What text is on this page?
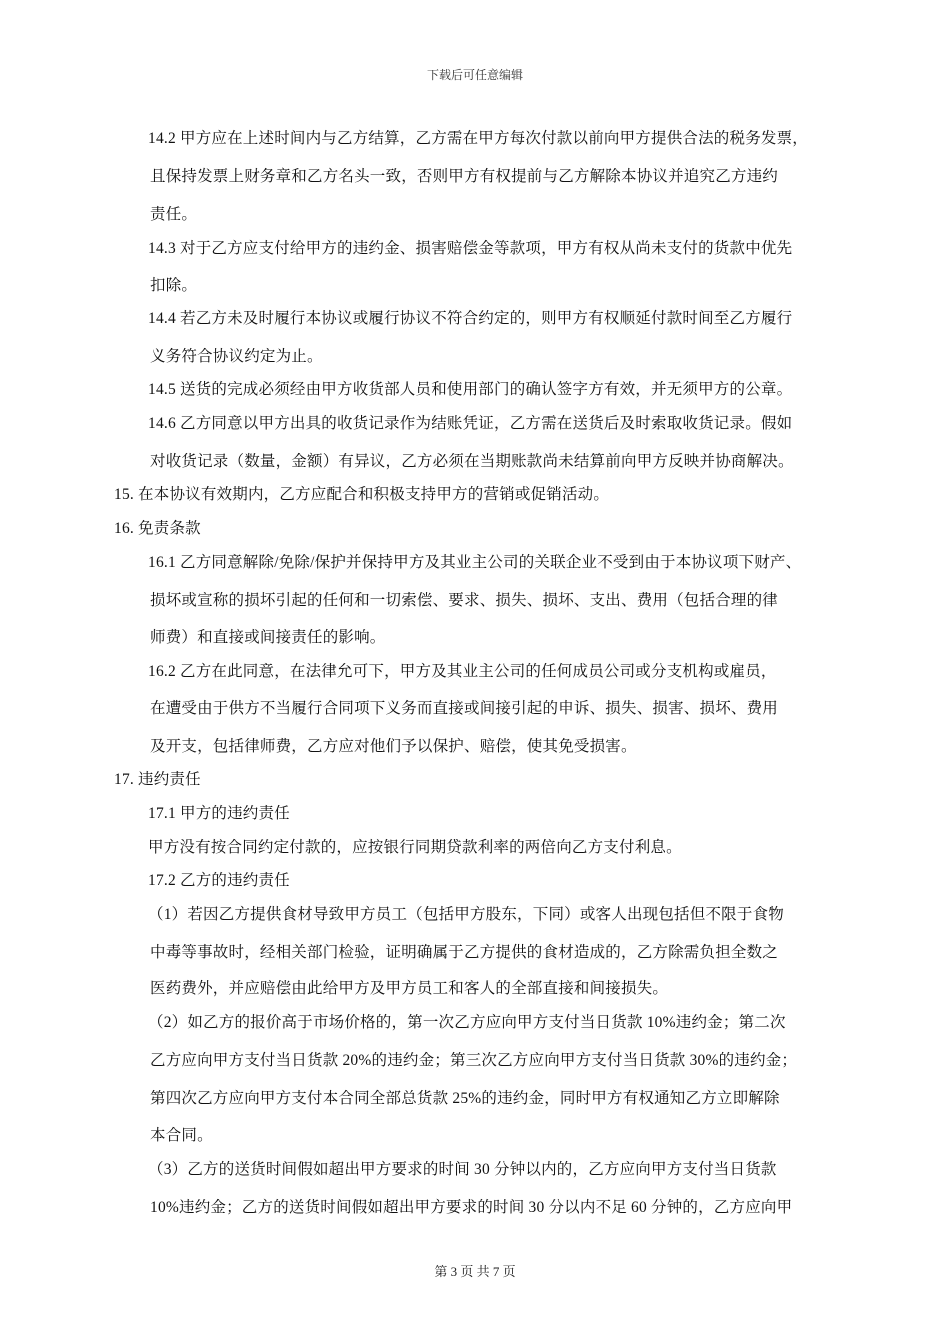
下载后可任意编辑
14.2 甲方应在上述时间内与乙方结算，乙方需在甲方每次付款以前向甲方提供合法的税务发票，
且保持发票上财务章和乙方名头一致，否则甲方有权提前与乙方解除本协议并追究乙方违约
责任。
14.3 对于乙方应支付给甲方的违约金、损害赔偿金等款项，甲方有权从尚未支付的货款中优先
扣除。
14.4 若乙方未及时履行本协议或履行协议不符合约定的，则甲方有权顺延付款时间至乙方履行
义务符合协议约定为止。
14.5 送货的完成必须经由甲方收货部人员和使用部门的确认签字方有效，并无须甲方的公章。
14.6 乙方同意以甲方出具的收货记录作为结账凭证，乙方需在送货后及时索取收货记录。假如
对收货记录（数量，金额）有异议，乙方必须在当期账款尚未结算前向甲方反映并协商解决。
15. 在本协议有效期内，乙方应配合和积极支持甲方的营销或促销活动。
16. 免责条款
16.1 乙方同意解除/免除/保护并保持甲方及其业主公司的关联企业不受到由于本协议项下财产、
损坏或宣称的损坏引起的任何和一切索偿、要求、损失、损坏、支出、费用（包括合理的律
师费）和直接或间接责任的影响。
16.2 乙方在此同意，在法律允可下，甲方及其业主公司的任何成员公司或分支机构或雇员，
在遭受由于供方不当履行合同项下义务而直接或间接引起的申诉、损失、损害、损坏、费用
及开支，包括律师费，乙方应对他们予以保护、赔偿，使其免受损害。
17. 违约责任
17.1 甲方的违约责任
甲方没有按合同约定付款的，应按银行同期贷款利率的两倍向乙方支付利息。
17.2 乙方的违约责任
（1）若因乙方提供食材导致甲方员工（包括甲方股东，下同）或客人出现包括但不限于食物
中毒等事故时，经相关部门检验，证明确属于乙方提供的食材造成的，乙方除需负担全数之
医药费外，并应赔偿由此给甲方及甲方员工和客人的全部直接和间接损失。
（2）如乙方的报价高于市场价格的，第一次乙方应向甲方支付当日货款 10%违约金；第二次
乙方应向甲方支付当日货款 20%的违约金；第三次乙方应向甲方支付当日货款 30%的违约金；
第四次乙方应向甲方支付本合同全部总货款 25%的违约金，同时甲方有权通知乙方立即解除
本合同。
（3）乙方的送货时间假如超出甲方要求的时间 30 分钟以内的，乙方应向甲方支付当日货款
10%违约金；乙方的送货时间假如超出甲方要求的时间 30 分以内不足 60 分钟的，乙方应向甲
第 3 页 共 7 页
